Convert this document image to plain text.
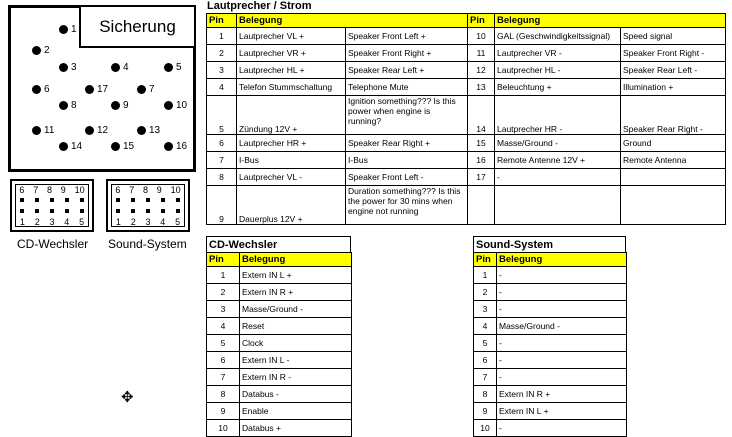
Sicherung
1
2
3	4	5
6	17	7
8	9	10
11	12	13
14	15	16
6 7 8 9 10
1 2 3 4 5
CD-Wechsler
6 7 8 9 10
1 2 3 4 5
Sound-System
Lautprecher / Strom
Pin	Belegung		Pin	Belegung	
1	Lautprecher VL +	Speaker Front Left +	10	GAL (Geschwindigkeitssignal)	Speed signal
2	Lautprecher VR +	Speaker Front Right +	11	Lautprecher VR -	Speaker Front Right -
3	Lautprecher HL +	Speaker Rear Left +	12	Lautprecher HL -	Speaker Rear Left -
4	Telefon Stummschaltung	Telephone Mute	13	Beleuchtung +	Illumination +
5	Zündung 12V +	Ignition something??? Is this power when engine is running?	14	Lautprecher HR -	Speaker Rear Right -
6	Lautprecher HR +	Speaker Rear Right +	15	Masse/Ground -	Ground
7	I-Bus	I-Bus	16	Remote Antenne 12V +	Remote Antenna
8	Lautprecher VL -	Speaker Front Left -	17	-	
9	Dauerplus 12V +	Duration something??? Is this the power for 30 mins when engine not running			
CD-Wechsler
Pin	Belegung
1	Extern IN L +
2	Extern IN R +
3	Masse/Ground -
4	Reset
5	Clock
6	Extern IN L -
7	Extern IN R -
8	Databus -
9	Enable
10	Databus +
Sound-System
Pin	Belegung
1	-
2	-
3	-
4	Masse/Ground -
5	-
6	-
7	-
8	Extern IN R +
9	Extern IN L +
10	-
✥
